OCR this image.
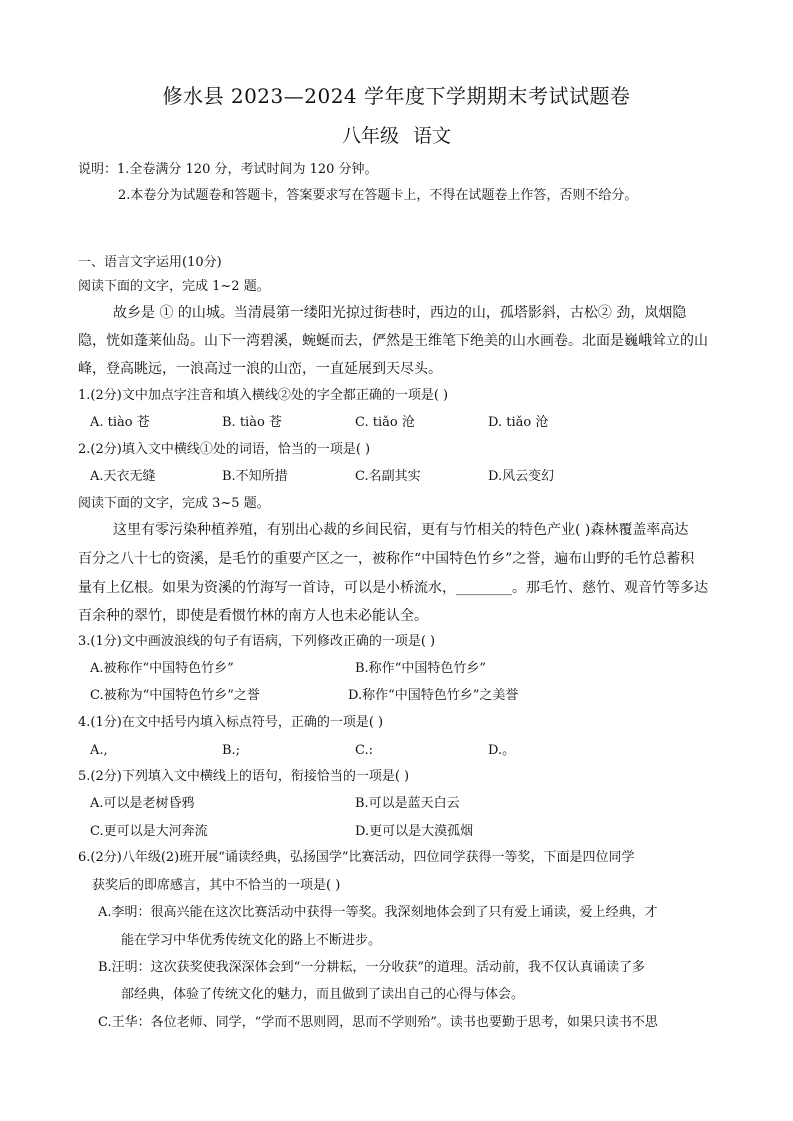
修水县 2023—2024 学年度下学期期末考试试题卷
八年级 语文
说明：1.全卷满分 120 分，考试时间为 120 分钟。
2.本卷分为试题卷和答题卡，答案要求写在答题卡上，不得在试题卷上作答，否则不给分。
一、语言文字运用(10分)
阅读下面的文字，完成 1~2 题。
故乡是 ① 的山城。当清晨第一缕阳光掠过街巷时，西边的山，孤塔影斜，古松② 劲，岚烟隐
隐，恍如蓬莱仙岛。山下一湾碧溪，蜿蜒而去，俨然是王维笔下绝美的山水画卷。北面是巍峨耸立的山
峰，登高眺远，一浪高过一浪的山峦，一直延展到天尽头。
1.(2分)文中加点字注音和填入横线②处的字全都正确的一项是( )
A. tiào 苍	B. tiào 苍	C. tiǎo 沧	D. tiǎo 沧
2.(2分)填入文中横线①处的词语，恰当的一项是( )
A.天衣无缝	B.不知所措	C.名副其实	D.风云变幻
阅读下面的文字，完成 3~5 题。
这里有零污染种植养殖，有别出心裁的乡间民宿，更有与竹相关的特色产业( )森林覆盖率高达
百分之八十七的资溪，是毛竹的重要产区之一，被称作“中国特色竹乡”之誉，遍布山野的毛竹总蓄积
量有上亿根。如果为资溪的竹海写一首诗，可以是小桥流水，________。那毛竹、慈竹、观音竹等多达
百余种的翠竹，即使是看惯竹林的南方人也未必能认全。
3.(1分)文中画波浪线的句子有语病，下列修改正确的一项是( )
A.被称作“中国特色竹乡”	B.称作“中国特色竹乡”
C.被称为“中国特色竹乡”之誉	D.称作“中国特色竹乡”之美誉
4.(1分)在文中括号内填入标点符号，正确的一项是( )
A.,	B.;	C.:	D.。
5.(2分)下列填入文中横线上的语句，衔接恰当的一项是( )
A.可以是老树昏鸦	B.可以是蓝天白云
C.更可以是大河奔流	D.更可以是大漠孤烟
6.(2分)八年级(2)班开展“诵读经典，弘扬国学”比赛活动，四位同学获得一等奖，下面是四位同学
获奖后的即席感言，其中不恰当的一项是( )
A.李明：很高兴能在这次比赛活动中获得一等奖。我深刻地体会到了只有爱上诵读，爱上经典，才
能在学习中华优秀传统文化的路上不断进步。
B.汪明：这次获奖使我深深体会到“一分耕耘，一分收获”的道理。活动前，我不仅认真诵读了多
部经典，体验了传统文化的魅力，而且做到了读出自己的心得与体会。
C.王华：各位老师、同学，“学而不思则罔，思而不学则殆”。读书也要勤于思考，如果只读书不思
